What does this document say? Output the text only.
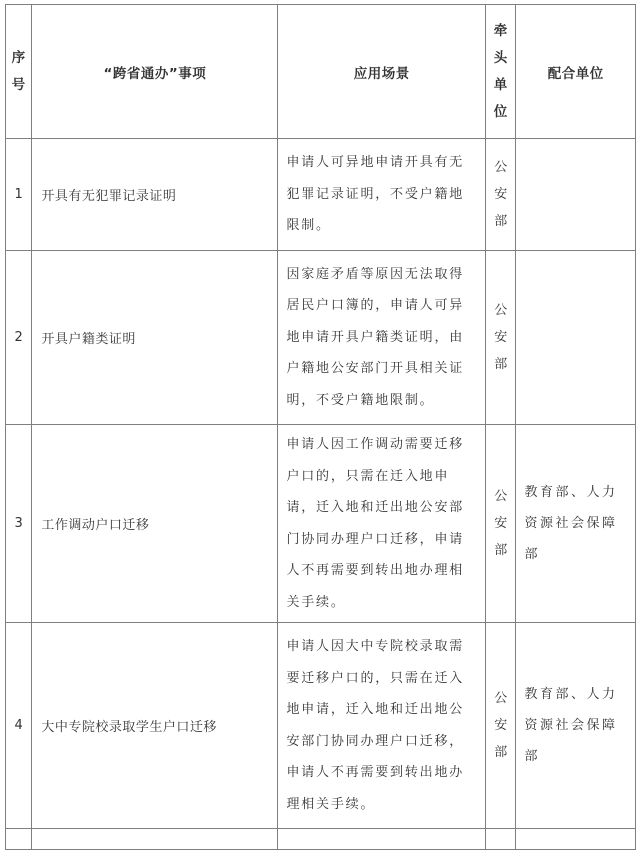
序号	“跨省通办”事项	应用场景	牵头单位	配合单位
1	开具有无犯罪记录证明	申请人可异地申请开具有无犯罪记录证明，不受户籍地限制。	公安部	
2	开具户籍类证明	因家庭矛盾等原因无法取得居民户口簿的，申请人可异地申请开具户籍类证明，由户籍地公安部门开具相关证明，不受户籍地限制。	公安部	
3	工作调动户口迁移	申请人因工作调动需要迁移户口的，只需在迁入地申请，迁入地和迁出地公安部门协同办理户口迁移，申请人不再需要到转出地办理相关手续。	公安部	教育部、人力资源社会保障部
4	大中专院校录取学生户口迁移	申请人因大中专院校录取需要迁移户口的，只需在迁入地申请，迁入地和迁出地公安部门协同办理户口迁移，申请人不再需要到转出地办理相关手续。	公安部	教育部、人力资源社会保障部
